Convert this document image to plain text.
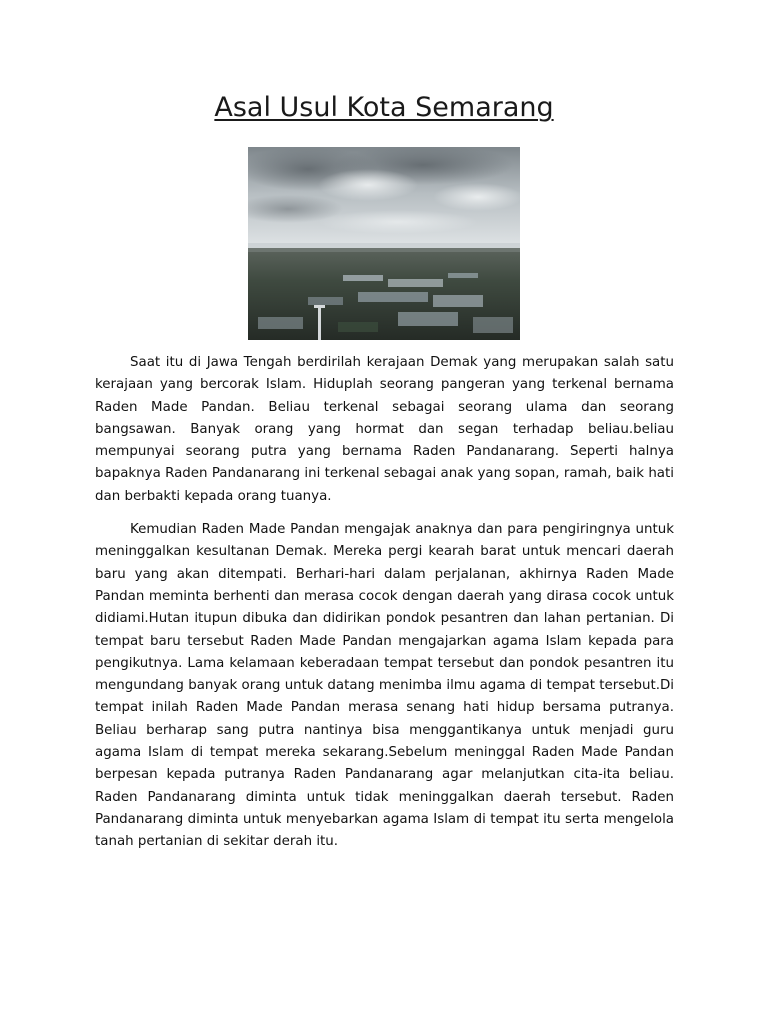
Asal Usul Kota Semarang

Saat itu di Jawa Tengah berdirilah kerajaan Demak yang merupakan salah satu kerajaan yang bercorak Islam. Hiduplah seorang pangeran yang terkenal bernama Raden Made Pandan. Beliau terkenal sebagai seorang ulama dan seorang bangsawan. Banyak orang yang hormat dan segan terhadap beliau.beliau mempunyai seorang putra yang bernama Raden Pandanarang. Seperti halnya bapaknya Raden Pandanarang ini terkenal sebagai anak yang sopan, ramah, baik hati dan berbakti kepada orang tuanya.

Kemudian Raden Made Pandan mengajak anaknya dan para pengiringnya untuk meninggalkan kesultanan Demak. Mereka pergi kearah barat untuk mencari daerah baru yang akan ditempati. Berhari-hari dalam perjalanan, akhirnya Raden Made Pandan meminta berhenti dan merasa cocok dengan daerah yang dirasa cocok untuk didiami.Hutan itupun dibuka dan didirikan pondok pesantren dan lahan pertanian. Di tempat baru tersebut Raden Made Pandan mengajarkan agama Islam kepada para pengikutnya. Lama kelamaan keberadaan tempat tersebut dan pondok pesantren itu mengundang banyak orang untuk datang menimba ilmu agama di tempat tersebut.Di tempat inilah Raden Made Pandan merasa senang hati hidup bersama putranya. Beliau berharap sang putra nantinya bisa menggantikanya untuk menjadi guru agama Islam di tempat mereka sekarang.Sebelum meninggal Raden Made Pandan berpesan kepada putranya Raden Pandanarang agar melanjutkan cita-ita beliau. Raden Pandanarang diminta untuk tidak meninggalkan daerah tersebut. Raden Pandanarang diminta untuk menyebarkan agama Islam di tempat itu serta mengelola tanah pertanian di sekitar derah itu.
